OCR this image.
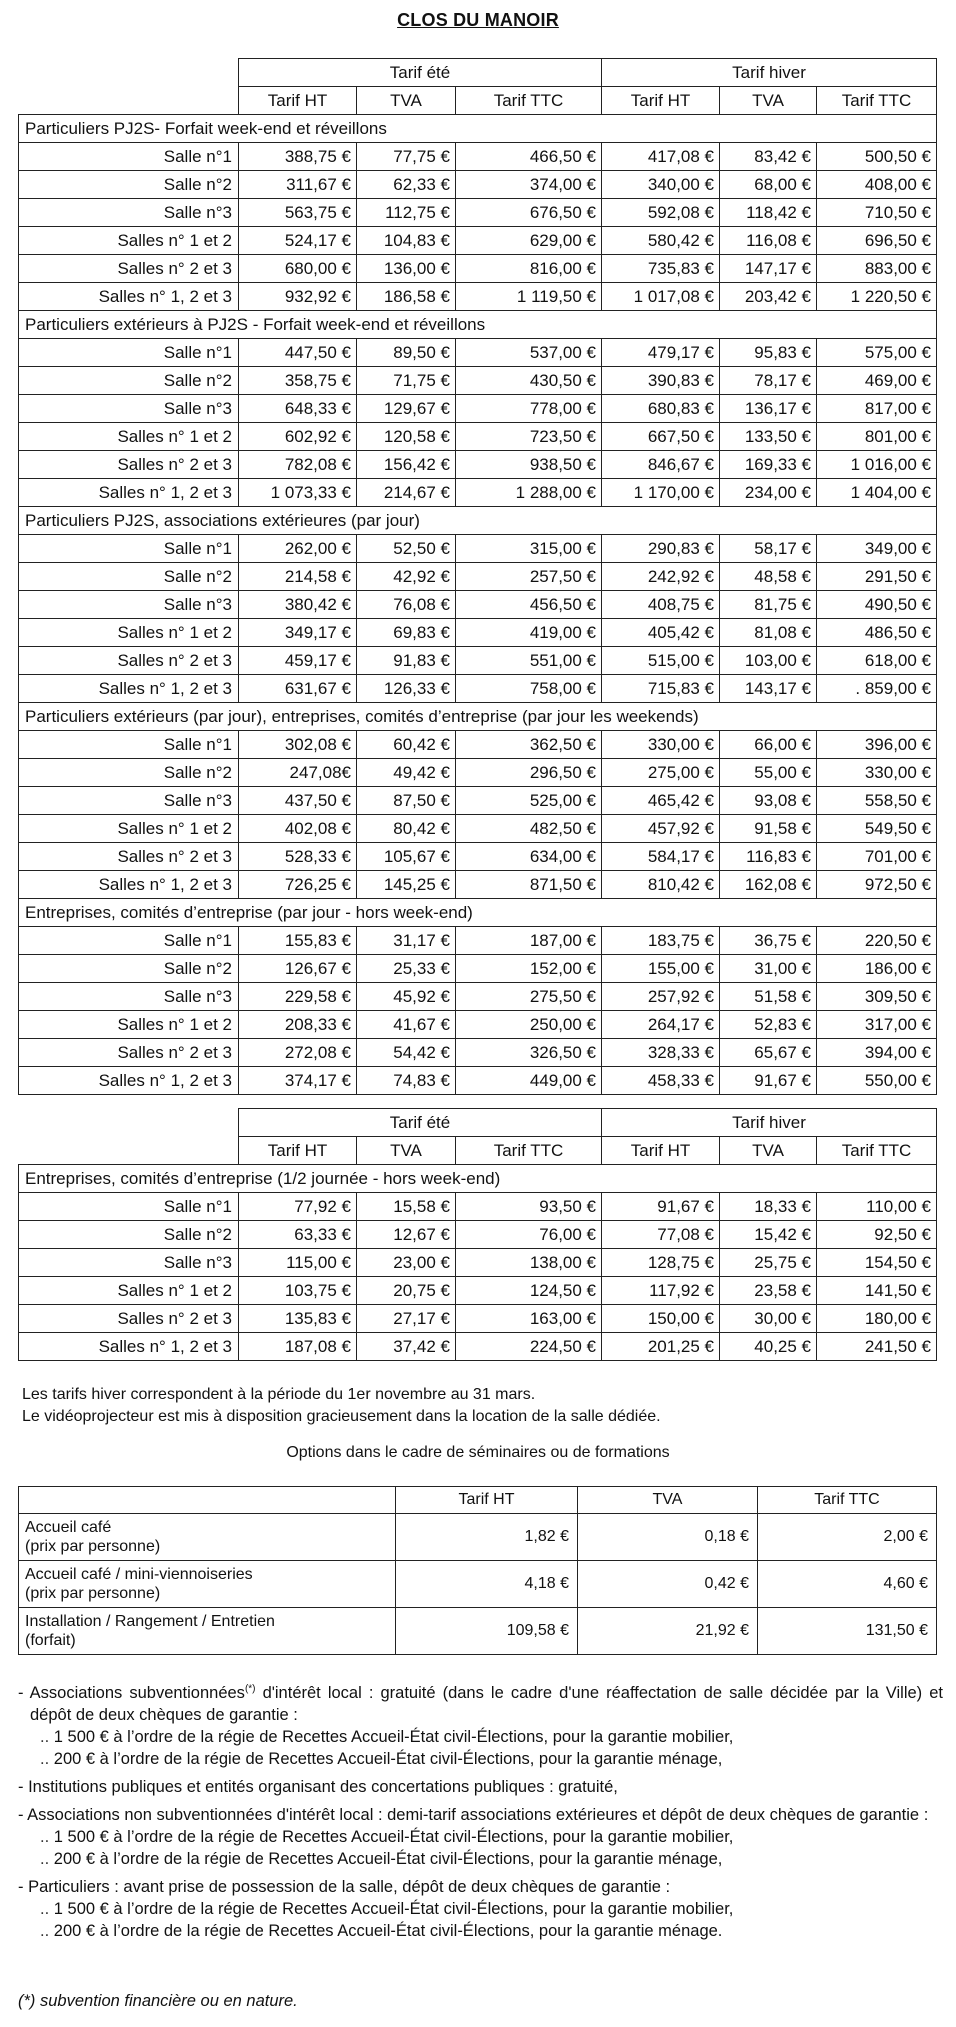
CLOS DU MANOIR
	Tarif été			Tarif hiver		
	Tarif HT	TVA	Tarif TTC	Tarif HT	TVA	Tarif TTC
Particuliers PJ2S- Forfait week-end et réveillons						
Salle n°1	388,75 €	77,75 €	466,50 €	417,08 €	83,42 €	500,50 €
Salle n°2	311,67 €	62,33 €	374,00 €	340,00 €	68,00 €	408,00 €
Salle n°3	563,75 €	112,75 €	676,50 €	592,08 €	118,42 €	710,50 €
Salles n° 1 et 2	524,17 €	104,83 €	629,00 €	580,42 €	116,08 €	696,50 €
Salles n° 2 et 3	680,00 €	136,00 €	816,00 €	735,83 €	147,17 €	883,00 €
Salles n° 1, 2 et 3	932,92 €	186,58 €	1 119,50 €	1 017,08 €	203,42 €	1 220,50 €
Particuliers extérieurs à PJ2S - Forfait week-end et réveillons						
Salle n°1	447,50 €	89,50 €	537,00 €	479,17 €	95,83 €	575,00 €
Salle n°2	358,75 €	71,75 €	430,50 €	390,83 €	78,17 €	469,00 €
Salle n°3	648,33 €	129,67 €	778,00 €	680,83 €	136,17 €	817,00 €
Salles n° 1 et 2	602,92 €	120,58 €	723,50 €	667,50 €	133,50 €	801,00 €
Salles n° 2 et 3	782,08 €	156,42 €	938,50 €	846,67 €	169,33 €	1 016,00 €
Salles n° 1, 2 et 3	1 073,33 €	214,67 €	1 288,00 €	1 170,00 €	234,00 €	1 404,00 €
Particuliers PJ2S, associations extérieures (par jour)						
Salle n°1	262,00 €	52,50 €	315,00 €	290,83 €	58,17 €	349,00 €
Salle n°2	214,58 €	42,92 €	257,50 €	242,92 €	48,58 €	291,50 €
Salle n°3	380,42 €	76,08 €	456,50 €	408,75 €	81,75 €	490,50 €
Salles n° 1 et 2	349,17 €	69,83 €	419,00 €	405,42 €	81,08 €	486,50 €
Salles n° 2 et 3	459,17 €	91,83 €	551,00 €	515,00 €	103,00 €	618,00 €
Salles n° 1, 2 et 3	631,67 €	126,33 €	758,00 €	715,83 €	143,17 €	. 859,00 €
Particuliers extérieurs (par jour), entreprises, comités d’entreprise (par jour les weekends)						
Salle n°1	302,08 €	60,42 €	362,50 €	330,00 €	66,00 €	396,00 €
Salle n°2	247,08€	49,42 €	296,50 €	275,00 €	55,00 €	330,00 €
Salle n°3	437,50 €	87,50 €	525,00 €	465,42 €	93,08 €	558,50 €
Salles n° 1 et 2	402,08 €	80,42 €	482,50 €	457,92 €	91,58 €	549,50 €
Salles n° 2 et 3	528,33 €	105,67 €	634,00 €	584,17 €	116,83 €	701,00 €
Salles n° 1, 2 et 3	726,25 €	145,25 €	871,50 €	810,42 €	162,08 €	972,50 €
Entreprises, comités d’entreprise (par jour - hors week-end)						
Salle n°1	155,83 €	31,17 €	187,00 €	183,75 €	36,75 €	220,50 €
Salle n°2	126,67 €	25,33 €	152,00 €	155,00 €	31,00 €	186,00 €
Salle n°3	229,58 €	45,92 €	275,50 €	257,92 €	51,58 €	309,50 €
Salles n° 1 et 2	208,33 €	41,67 €	250,00 €	264,17 €	52,83 €	317,00 €
Salles n° 2 et 3	272,08 €	54,42 €	326,50 €	328,33 €	65,67 €	394,00 €
Salles n° 1, 2 et 3	374,17 €	74,83 €	449,00 €	458,33 €	91,67 €	550,00 €
	Tarif été			Tarif hiver		
	Tarif HT	TVA	Tarif TTC	Tarif HT	TVA	Tarif TTC
Entreprises, comités d’entreprise (1/2 journée - hors week-end)						
Salle n°1	77,92 €	15,58 €	93,50 €	91,67 €	18,33 €	110,00 €
Salle n°2	63,33 €	12,67 €	76,00 €	77,08 €	15,42 €	92,50 €
Salle n°3	115,00 €	23,00 €	138,00 €	128,75 €	25,75 €	154,50 €
Salles n° 1 et 2	103,75 €	20,75 €	124,50 €	117,92 €	23,58 €	141,50 €
Salles n° 2 et 3	135,83 €	27,17 €	163,00 €	150,00 €	30,00 €	180,00 €
Salles n° 1, 2 et 3	187,08 €	37,42 €	224,50 €	201,25 €	40,25 €	241,50 €
Les tarifs hiver correspondent à la période du 1er novembre au 31 mars.
Le vidéoprojecteur est mis à disposition gracieusement dans la location de la salle dédiée.
Options dans le cadre de séminaires ou de formations
	Tarif HT	TVA	Tarif TTC

Accueil café
(prix par personne)	1,82 €	0,18 €	2,00 €

Accueil café / mini-viennoiseries
(prix par personne)	4,18 €	0,42 €	4,60 €

Installation / Rangement / Entretien
(forfait)	109,58 €	21,92 €	131,50 €
- Associations subventionnées(*) d'intérêt local : gratuité (dans le cadre d'une réaffectation de salle décidée par la Ville) et dépôt de deux chèques de garantie :
.. 1 500 € à l’ordre de la régie de Recettes Accueil-État civil-Élections, pour la garantie mobilier,
.. 200 € à l’ordre de la régie de Recettes Accueil-État civil-Élections, pour la garantie ménage,
- Institutions publiques et entités organisant des concertations publiques : gratuité,
- Associations non subventionnées d'intérêt local : demi-tarif associations extérieures et dépôt de deux chèques de garantie :
.. 1 500 € à l’ordre de la régie de Recettes Accueil-État civil-Élections, pour la garantie mobilier,
.. 200 € à l’ordre de la régie de Recettes Accueil-État civil-Élections, pour la garantie ménage,
- Particuliers : avant prise de possession de la salle, dépôt de deux chèques de garantie :
.. 1 500 € à l’ordre de la régie de Recettes Accueil-État civil-Élections, pour la garantie mobilier,
.. 200 € à l’ordre de la régie de Recettes Accueil-État civil-Élections, pour la garantie ménage.
(*) subvention financière ou en nature.
